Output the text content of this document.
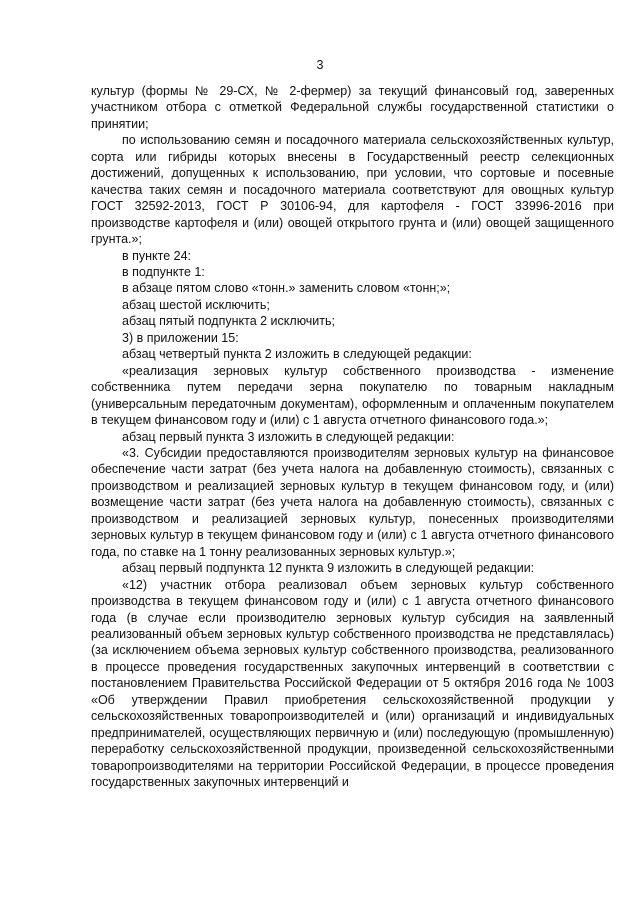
3

культур (формы № 29-СХ, № 2-фермер) за текущий финансовый год, заверенных участником отбора с отметкой Федеральной службы государственной статистики о принятии;

по использованию семян и посадочного материала сельскохозяйственных культур, сорта или гибриды которых внесены в Государственный реестр селекционных достижений, допущенных к использованию, при условии, что сортовые и посевные качества таких семян и посадочного материала соответствуют для овощных культур ГОСТ 32592-2013, ГОСТ Р 30106-94, для картофеля - ГОСТ 33996-2016 при производстве картофеля и (или) овощей открытого грунта и (или) овощей защищенного грунта.»;

в пункте 24:

в подпункте 1:

в абзаце пятом слово «тонн.» заменить словом «тонн;»;

абзац шестой исключить;

абзац пятый подпункта 2 исключить;

3) в приложении 15:

абзац четвертый пункта 2 изложить в следующей редакции:

«реализация зерновых культур собственного производства - изменение собственника путем передачи зерна покупателю по товарным накладным (универсальным передаточным документам), оформленным и оплаченным покупателем в текущем финансовом году и (или) с 1 августа отчетного финансового года.»;

абзац первый пункта 3 изложить в следующей редакции:

«3. Субсидии предоставляются производителям зерновых культур на финансовое обеспечение части затрат (без учета налога на добавленную стоимость), связанных с производством и реализацией зерновых культур в текущем финансовом году, и (или) возмещение части затрат (без учета налога на добавленную стоимость), связанных с производством и реализацией зерновых культур, понесенных производителями зерновых культур в текущем финансовом году и (или) с 1 августа отчетного финансового года, по ставке на 1 тонну реализованных зерновых культур.»;

абзац первый подпункта 12 пункта 9 изложить в следующей редакции:

«12) участник отбора реализовал объем зерновых культур собственного производства в текущем финансовом году и (или) с 1 августа отчетного финансового года (в случае если производителю зерновых культур субсидия на заявленный реализованный объем зерновых культур собственного производства не представлялась) (за исключением объема зерновых культур собственного производства, реализованного в процессе проведения государственных закупочных интервенций в соответствии с постановлением Правительства Российской Федерации от 5 октября 2016 года № 1003 «Об утверждении Правил приобретения сельскохозяйственной продукции у сельскохозяйственных товаропроизводителей и (или) организаций и индивидуальных предпринимателей, осуществляющих первичную и (или) последующую (промышленную) переработку сельскохозяйственной продукции, произведенной сельскохозяйственными товаропроизводителями на территории Российской Федерации, в процессе проведения государственных закупочных интервенций и
